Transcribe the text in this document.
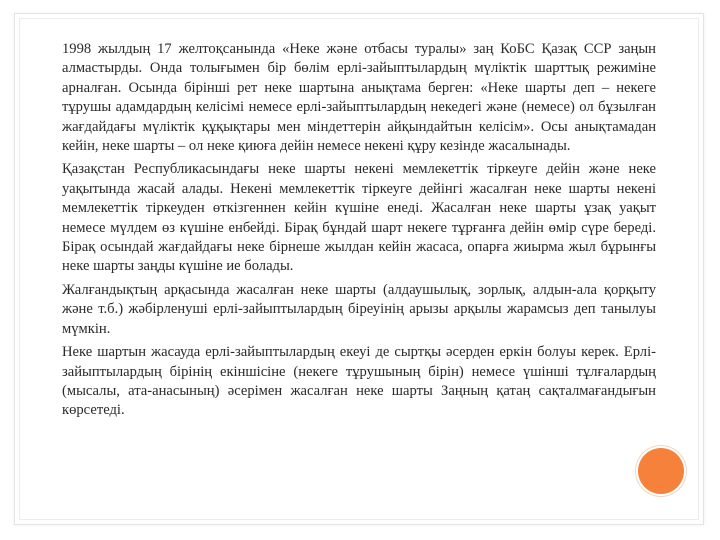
1998 жылдың 17 желтоқсанында «Неке және отбасы туралы» заң КоБС Қазақ ССР заңын алмастырды. Онда толығымен бір бөлім ерлі-зайыптылардың мүліктік шарттық режиміне арналған. Осында бірінші рет неке шартына анықтама берген: «Неке шарты деп – некеге тұрушы адамдардың келісімі немесе ерлі-зайыптылардың некедегі және (немесе) ол бұзылған жағдайдағы мүліктік құқықтары мен міндеттерін айқындайтын келісім». Осы анықтамадан кейін, неке шарты – ол неке қиюға дейін немесе некені құру кезінде жасалынады.

Қазақстан Республикасындағы неке шарты некені мемлекеттік тіркеуге дейін және неке уақытында жасай алады. Некені мемлекеттік тіркеуге дейінгі жасалған неке шарты некені мемлекеттік тіркеуден өткізгеннен кейін күшіне енеді. Жасалған неке шарты ұзақ уақыт немесе мүлдем өз күшіне енбейді. Бірақ бұндай шарт некеге тұрғанға дейін өмір сүре береді. Бірақ осындай жағдайдағы неке бірнеше жылдан кейін жасаса, опарға жиырма жыл бұрынғы неке шарты заңды күшіне ие болады.

Жалғандықтың арқасында жасалған неке шарты (алдаушылық, зорлық, алдын-ала қорқыту және т.б.) жәбірленуші ерлі-зайыптылардың біреуінің арызы арқылы жарамсыз деп танылуы мүмкін.

Неке шартын жасауда ерлі-зайыптылардың екеуі де сыртқы әсерден еркін болуы керек. Ерлі-зайыптылардың бірінің екіншісіне (некеге тұрушының бірін) немесе үшінші тұлғалардың (мысалы, ата-анасының) әсерімен жасалған неке шарты Заңның қатаң сақталмағандығын көрсетеді.
